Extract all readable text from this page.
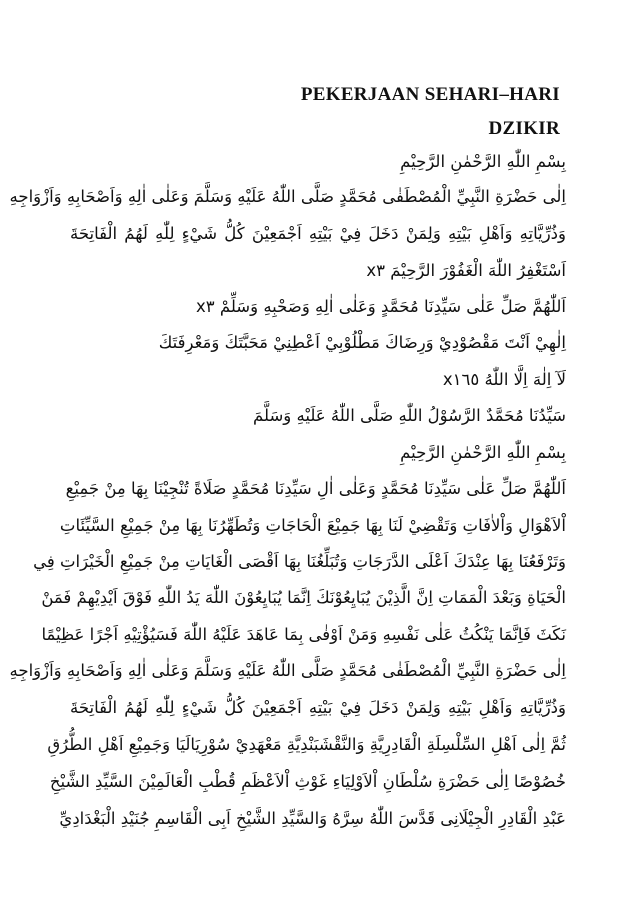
PEKERJAAN SEHARI–HARI
DZIKIR
بِسْمِ اللّٰهِ الرَّحْمٰنِ الرَّحِيْمِ
اِلٰى حَضْرَةِ النَّبِيِّ الْمُصْطَفٰى مُحَمَّدٍ صَلَّى اللّٰهُ عَلَيْهِ وَسَلَّمَ وَعَلٰى اٰلِهِ وَاَصْحَابِهِ وَاَزْوَاجِهِ
وَذُرِّيَّاتِهِ وَاَهْلِ بَيْتِهِ وَلِمَنْ دَخَلَ فِيْ بَيْتِهِ اَجْمَعِيْنَ كُلُّ شَيْءٍ لِلّٰهِ لَهُمُ الْفَاتِحَةَ
اَسْتَغْفِرُ اللّٰهَ الْغَفُوْرَ الرَّحِيْمَ x٣
اَللّٰهُمَّ صَلِّ عَلٰى سَيِّدِنَا مُحَمَّدٍ وَعَلٰى اٰلِهِ وَصَحْبِهِ وَسَلِّمْ x٣
اِلٰهِيْ اَنْتَ مَقْصُوْدِيْ وَرِضَاكَ مَطْلُوْبِيْ اَعْطِنِيْ مَحَبَّتَكَ وَمَعْرِفَتَكَ
لَآ اِلٰهَ اِلَّا اللّٰهُ x١٦٥
سَيِّدُنَا مُحَمَّدٌ الرَّسُوْلُ اللّٰهِ صَلَّى اللّٰهُ عَلَيْهِ وَسَلَّمَ
بِسْمِ اللّٰهِ الرَّحْمٰنِ الرَّحِيْمِ
اَللّٰهُمَّ صَلِّ عَلٰى سَيِّدِنَا مُحَمَّدٍ وَعَلٰى اٰلِ سَيِّدِنَا مُحَمَّدٍ صَلَاةً تُنْجِيْنَا بِهَا مِنْ جَمِيْعِ
اْلاَهْوَالِ وَاْلاٰفَاتِ وَتَقْضِيْ لَنَا بِهَا جَمِيْعَ الْحَاجَاتِ وَتُطَهِّرُنَا بِهَا مِنْ جَمِيْعِ السَّيِّئَاتِ
وَتَرْفَعُنَا بِهَا عِنْدَكَ اَعْلَى الدَّرَجَاتِ وَتُبَلِّغُنَا بِهَا اَقْصَى الْغَايَاتِ مِنْ جَمِيْعِ الْخَيْرَاتِ فِي
الْحَيَاةِ وَبَعْدَ الْمَمَاتِ اِنَّ الَّذِيْنَ يُبَايِعُوْنَكَ اِنَّمَا يُبَايِعُوْنَ اللّٰهَ يَدُ اللّٰهِ فَوْقَ اَيْدِيْهِمْ فَمَنْ
نَكَثَ فَاِنَّمَا يَنْكُثُ عَلٰى نَفْسِهِ وَمَنْ اَوْفٰى بِمَا عَاهَدَ عَلَيْهُ اللّٰهَ فَسَيُؤْتِيْهِ اَجْرًا عَظِيْمًا
اِلٰى حَضْرَةِ النَّبِيِّ الْمُصْطَفٰى مُحَمَّدٍ صَلَّى اللّٰهُ عَلَيْهِ وَسَلَّمَ وَعَلٰى اٰلِهِ وَاَصْحَابِهِ وَاَزْوَاجِهِ
وَذُرِّيَّاتِهِ وَاَهْلِ بَيْتِهِ وَلِمَنْ دَخَلَ فِيْ بَيْتِهِ اَجْمَعِيْنَ كُلُّ شَيْءٍ لِلّٰهِ لَهُمُ الْفَاتِحَةَ
ثُمَّ اِلٰى اَهْلِ السِّلْسِلَةِ الْقَادِرِيَّةِ وَالنَّقْشَبَنْدِيَّةِ مَعْهَدِيْ سُوْرِيَالَيَا وَجَمِيْعِ اَهْلِ الطُّرُقِ
خُصُوْصًا اِلٰى حَضْرَةِ سُلْطَانِ اْلاَوْلِيَاءِ غَوْثِ اْلاَعْظَمِ قُطْبِ الْعَالَمِيْنَ السَّيِّدِ الشَّيْخِ
عَبْدِ الْقَادِرِ الْجِيْلَانِى قَدَّسَ اللّٰهُ سِرَّهُ وَالسَّيِّدِ الشَّيْخِ اَبِى الْقَاسِمِ جُنَيْدِ الْبَغْدَادِيِّ
